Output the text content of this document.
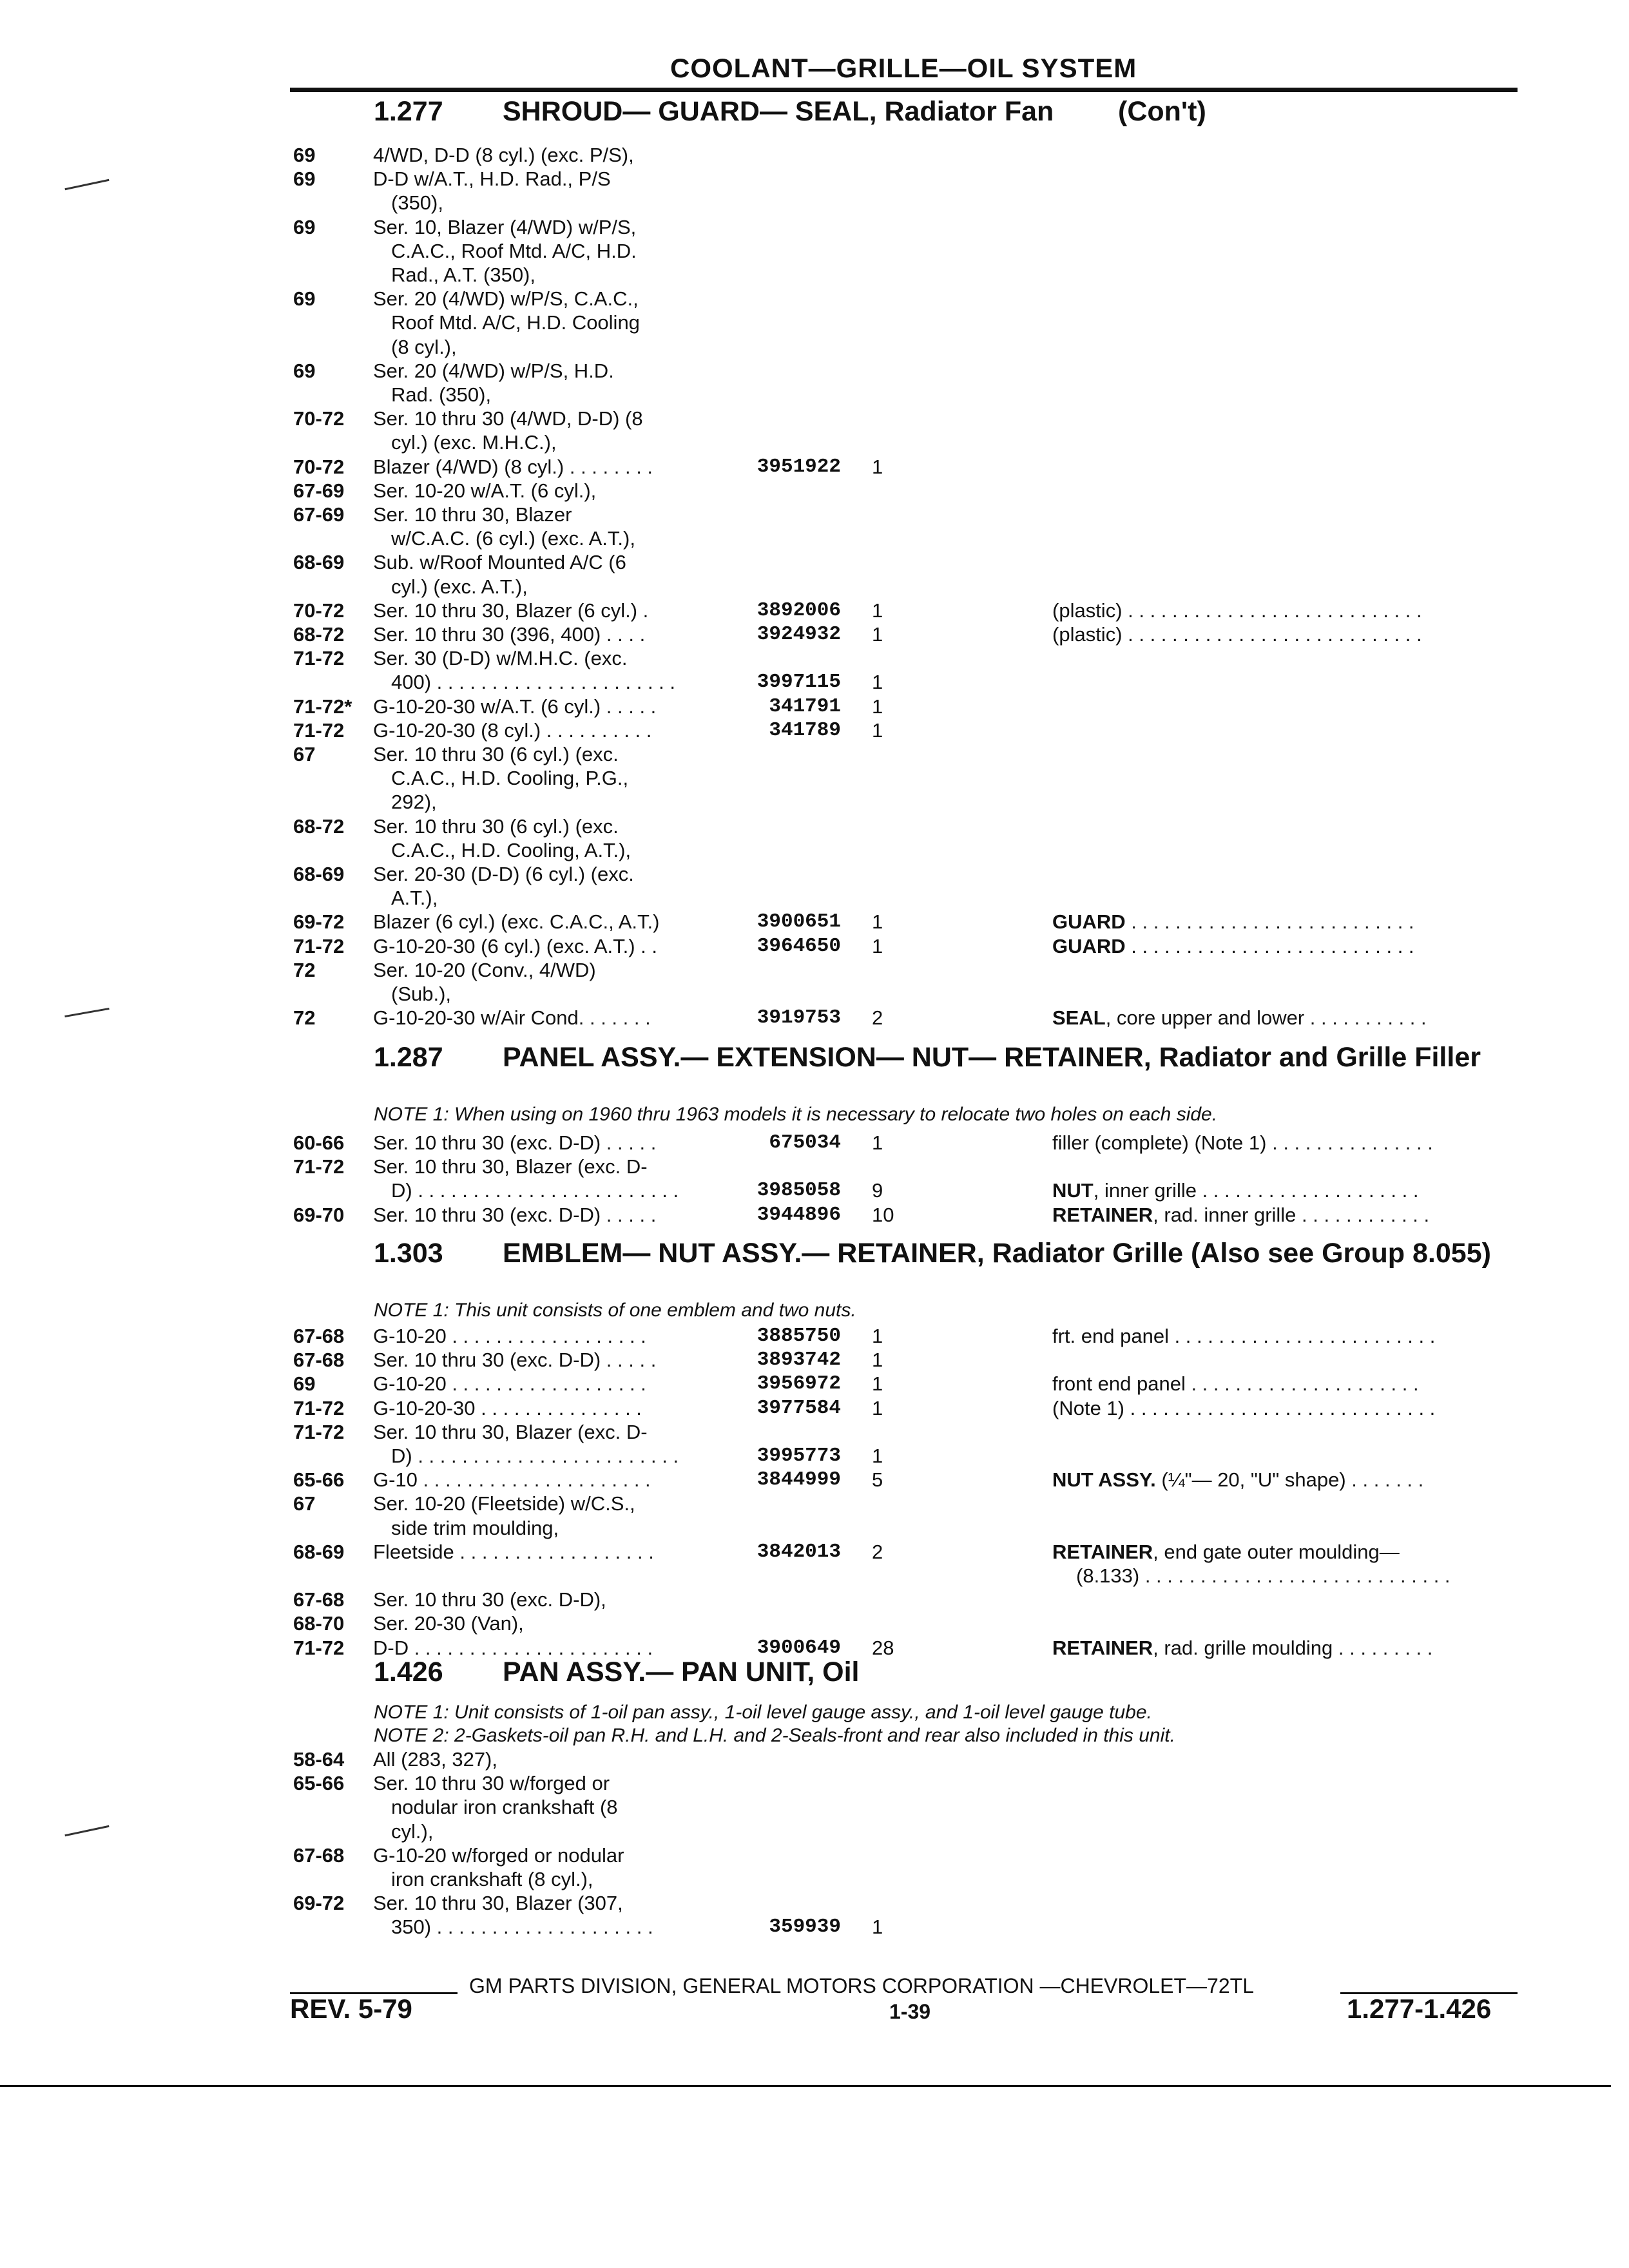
COOLANT—GRILLE—OIL SYSTEM
1.277 SHROUD— GUARD— SEAL, Radiator Fan	(Con't)
69	4/WD, D-D (8 cyl.) (exc. P/S),
69	D-D w/A.T., H.D. Rad., P/S
(350),
69	Ser. 10, Blazer (4/WD) w/P/S,
C.A.C., Roof Mtd. A/C, H.D.
Rad., A.T. (350),
69	Ser. 20 (4/WD) w/P/S, C.A.C.,
Roof Mtd. A/C, H.D. Cooling
(8 cyl.),
69	Ser. 20 (4/WD) w/P/S, H.D.
Rad. (350),
70-72 Ser. 10 thru 30 (4/WD, D-D) (8
cyl.) (exc. M.H.C.),
70-72 Blazer (4/WD) (8 cyl.) . . . . . . . .	3951922 1
67-69 Ser. 10-20 w/A.T. (6 cyl.),
67-69 Ser. 10 thru 30, Blazer
w/C.A.C. (6 cyl.) (exc. A.T.),
68-69 Sub. w/Roof Mounted A/C (6
cyl.) (exc. A.T.),
70-72 Ser. 10 thru 30, Blazer (6 cyl.) .	3892006 1	(plastic) . . . . . . . . . . . . . . . . . . . . . . . . . . .
68-72 Ser. 10 thru 30 (396, 400) . . . .	3924932 1	(plastic) . . . . . . . . . . . . . . . . . . . . . . . . . . .
71-72 Ser. 30 (D-D) w/M.H.C. (exc.
400) . . . . . . . . . . . . . . . . . . . . . .	3997115 1
71-72* G-10-20-30 w/A.T. (6 cyl.) . . . . .	341791 1
71-72 G-10-20-30 (8 cyl.) . . . . . . . . . .	341789 1
67	Ser. 10 thru 30 (6 cyl.) (exc.
C.A.C., H.D. Cooling, P.G.,
292),
68-72 Ser. 10 thru 30 (6 cyl.) (exc.
C.A.C., H.D. Cooling, A.T.),
68-69 Ser. 20-30 (D-D) (6 cyl.) (exc.
A.T.),
69-72 Blazer (6 cyl.) (exc. C.A.C., A.T.)	3900651 1	GUARD . . . . . . . . . . . . . . . . . . . . . . . . . .
71-72 G-10-20-30 (6 cyl.) (exc. A.T.) . .	3964650 1	GUARD . . . . . . . . . . . . . . . . . . . . . . . . . .
72	Ser. 10-20 (Conv., 4/WD)
(Sub.),
72	G-10-20-30 w/Air Cond. . . . . . .	3919753 2	SEAL, core upper and lower . . . . . . . . . . .
1.287 PANEL ASSY.— EXTENSION— NUT— RETAINER, Radiator and Grille Filler
NOTE 1: When using on 1960 thru 1963 models it is necessary to relocate two holes on each side.
60-66 Ser. 10 thru 30 (exc. D-D) . . . . .	675034 1	filler (complete) (Note 1) . . . . . . . . . . . . . . .
71-72 Ser. 10 thru 30, Blazer (exc. D-
D) . . . . . . . . . . . . . . . . . . . . . . . .	3985058 9	NUT, inner grille . . . . . . . . . . . . . . . . . . . .
69-70 Ser. 10 thru 30 (exc. D-D) . . . . .	3944896 10	RETAINER, rad. inner grille . . . . . . . . . . . .
1.303 EMBLEM— NUT ASSY.— RETAINER, Radiator Grille (Also see Group 8.055)
NOTE 1: This unit consists of one emblem and two nuts.
67-68 G-10-20 . . . . . . . . . . . . . . . . . .	3885750 1	frt. end panel . . . . . . . . . . . . . . . . . . . . . . . .
67-68 Ser. 10 thru 30 (exc. D-D) . . . . .	3893742 1
69	G-10-20 . . . . . . . . . . . . . . . . . .	3956972 1	front end panel . . . . . . . . . . . . . . . . . . . . .
71-72 G-10-20-30 . . . . . . . . . . . . . . .	3977584 1	(Note 1) . . . . . . . . . . . . . . . . . . . . . . . . . . . .
71-72 Ser. 10 thru 30, Blazer (exc. D-
D) . . . . . . . . . . . . . . . . . . . . . . . .	3995773 1
65-66 G-10 . . . . . . . . . . . . . . . . . . . . .	3844999 5	NUT ASSY. (¼"— 20, "U" shape) . . . . . . .
67	Ser. 10-20 (Fleetside) w/C.S.,
side trim moulding,
68-69 Fleetside . . . . . . . . . . . . . . . . . .	3842013 2	RETAINER, end gate outer moulding—
(8.133) . . . . . . . . . . . . . . . . . . . . . . . . . . . .
67-68 Ser. 10 thru 30 (exc. D-D),
68-70 Ser. 20-30 (Van),
71-72 D-D . . . . . . . . . . . . . . . . . . . . . .	3900649 28	RETAINER, rad. grille moulding . . . . . . . . .
1.426 PAN ASSY.— PAN UNIT, Oil
NOTE 1: Unit consists of 1-oil pan assy., 1-oil level gauge assy., and 1-oil level gauge tube.
NOTE 2: 2-Gaskets-oil pan R.H. and L.H. and 2-Seals-front and rear also included in this unit.
58-64 All (283, 327),
65-66 Ser. 10 thru 30 w/forged or
nodular iron crankshaft (8
cyl.),
67-68 G-10-20 w/forged or nodular
iron crankshaft (8 cyl.),
69-72 Ser. 10 thru 30, Blazer (307,
350) . . . . . . . . . . . . . . . . . . . .	359939 1
GM PARTS DIVISION, GENERAL MOTORS CORPORATION —CHEVROLET—72TL
REV. 5-79	1-39	1.277-1.426
